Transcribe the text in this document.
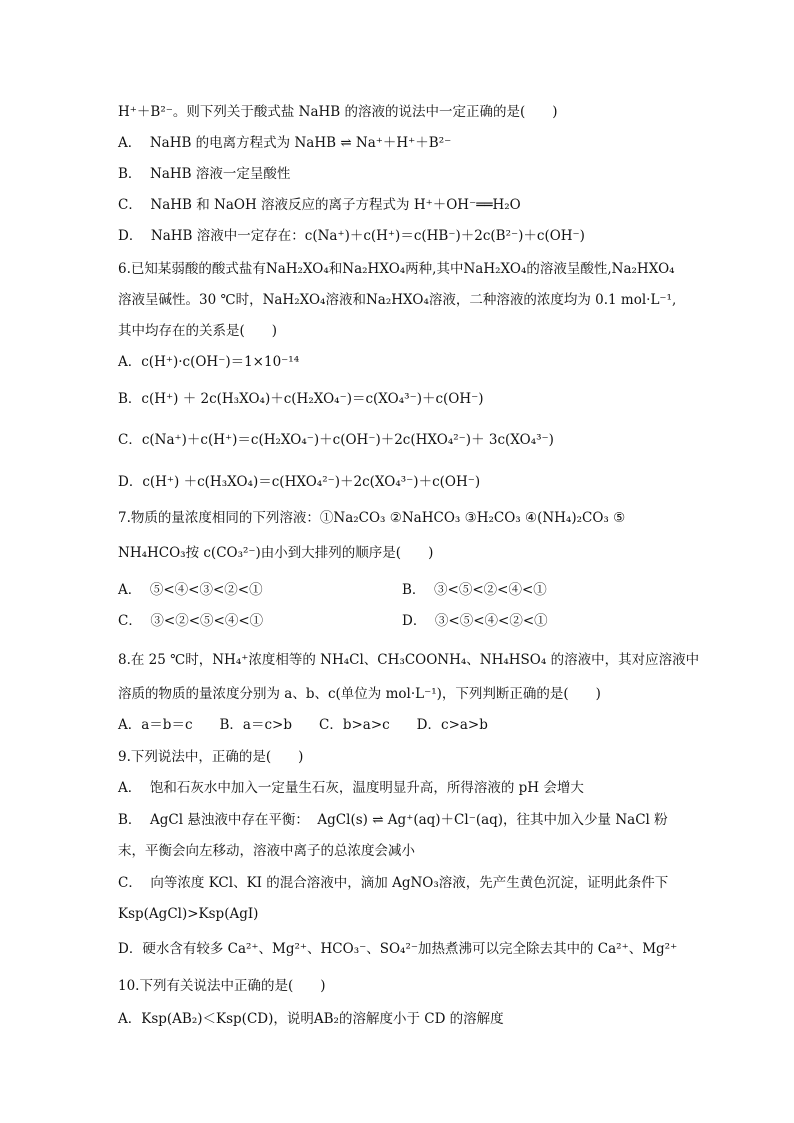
H⁺＋B²⁻。则下列关于酸式盐 NaHB 的溶液的说法中一定正确的是(　　)
A．  NaHB 的电离方程式为 NaHB ⇌ Na⁺＋H⁺＋B²⁻
B．  NaHB 溶液一定呈酸性
C．  NaHB 和 NaOH 溶液反应的离子方程式为 H⁺＋OH⁻══H₂O
D．  NaHB 溶液中一定存在：c(Na⁺)＋c(H⁺)＝c(HB⁻)＋2c(B²⁻)＋c(OH⁻)
6.已知某弱酸的酸式盐有NaH₂XO₄和Na₂HXO₄两种,其中NaH₂XO₄的溶液呈酸性,Na₂HXO₄
溶液呈碱性。30 ℃时，NaH₂XO₄溶液和Na₂HXO₄溶液，二种溶液的浓度均为 0.1 mol·L⁻¹,
其中均存在的关系是(　　)
A．c(H⁺)·c(OH⁻)＝1×10⁻¹⁴
B．c(H⁺) ＋ 2c(H₃XO₄)＋c(H₂XO₄⁻)＝c(XO₄³⁻)＋c(OH⁻)
C．c(Na⁺)＋c(H⁺)＝c(H₂XO₄⁻)＋c(OH⁻)＋2c(HXO₄²⁻)＋ 3c(XO₄³⁻)
D．c(H⁺) ＋c(H₃XO₄)＝c(HXO₄²⁻)＋2c(XO₄³⁻)＋c(OH⁻)
7.物质的量浓度相同的下列溶液：①Na₂CO₃ ②NaHCO₃ ③H₂CO₃ ④(NH₄)₂CO₃ ⑤
NH₄HCO₃按 c(CO₃²⁻)由小到大排列的顺序是(　　)
A．  ⑤<④<③<②<①	B．  ③<⑤<②<④<①
C．  ③<②<⑤<④<①	D．  ③<⑤<④<②<①
8.在 25 ℃时，NH₄⁺浓度相等的 NH₄Cl、CH₃COONH₄、NH₄HSO₄ 的溶液中，其对应溶液中
溶质的物质的量浓度分别为 a、b、c(单位为 mol·L⁻¹)，下列判断正确的是(　　)
A．a＝b＝c　　B．a＝c>b　　C．b>a>c　　D．c>a>b
9.下列说法中，正确的是(　　)
A．  饱和石灰水中加入一定量生石灰，温度明显升高，所得溶液的 pH 会增大
B．  AgCl 悬浊液中存在平衡：  AgCl(s) ⇌ Ag⁺(aq)＋Cl⁻(aq)，往其中加入少量 NaCl 粉
末，平衡会向左移动，溶液中离子的总浓度会减小
C．  向等浓度 KCl、KI 的混合溶液中，滴加 AgNO₃溶液，先产生黄色沉淀，证明此条件下
Ksp(AgCl)>Ksp(AgI)
D．硬水含有较多 Ca²⁺、Mg²⁺、HCO₃⁻、SO₄²⁻加热煮沸可以完全除去其中的 Ca²⁺、Mg²⁺
10.下列有关说法中正确的是(　　)
A．Ksp(AB₂)＜Ksp(CD)，说明AB₂的溶解度小于 CD 的溶解度
